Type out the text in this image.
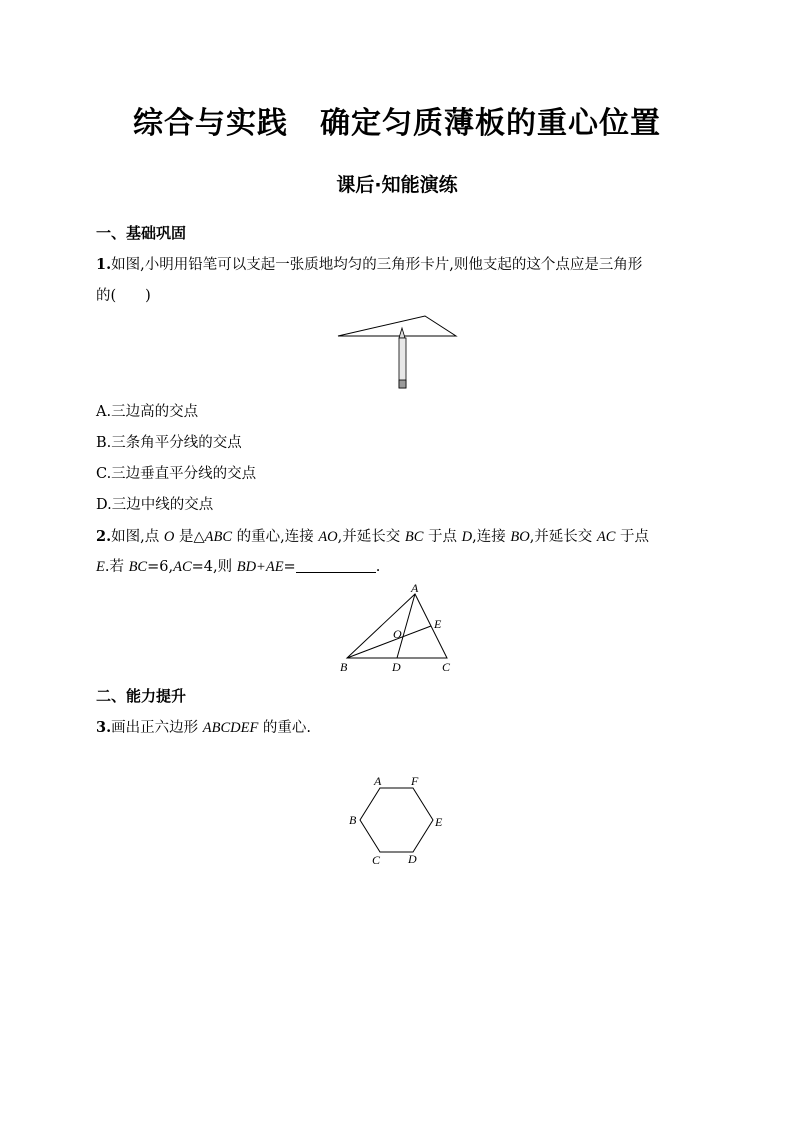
综合与实践 确定匀质薄板的重心位置
课后·知能演练
一、基础巩固
1.如图,小明用铅笔可以支起一张质地均匀的三角形卡片,则他支起的这个点应是三角形
的(　　)
A.三边高的交点
B.三条角平分线的交点
C.三边垂直平分线的交点
D.三边中线的交点
2.如图,点 O 是△ABC 的重心,连接 AO,并延长交 BC 于点 D,连接 BO,并延长交 AC 于点
E.若 BC=6,AC=4,则 BD+AE=	.
A
B	C
D
E
O
二、能力提升
3.画出正六边形 ABCDEF 的重心.
A F
B	E
C D
